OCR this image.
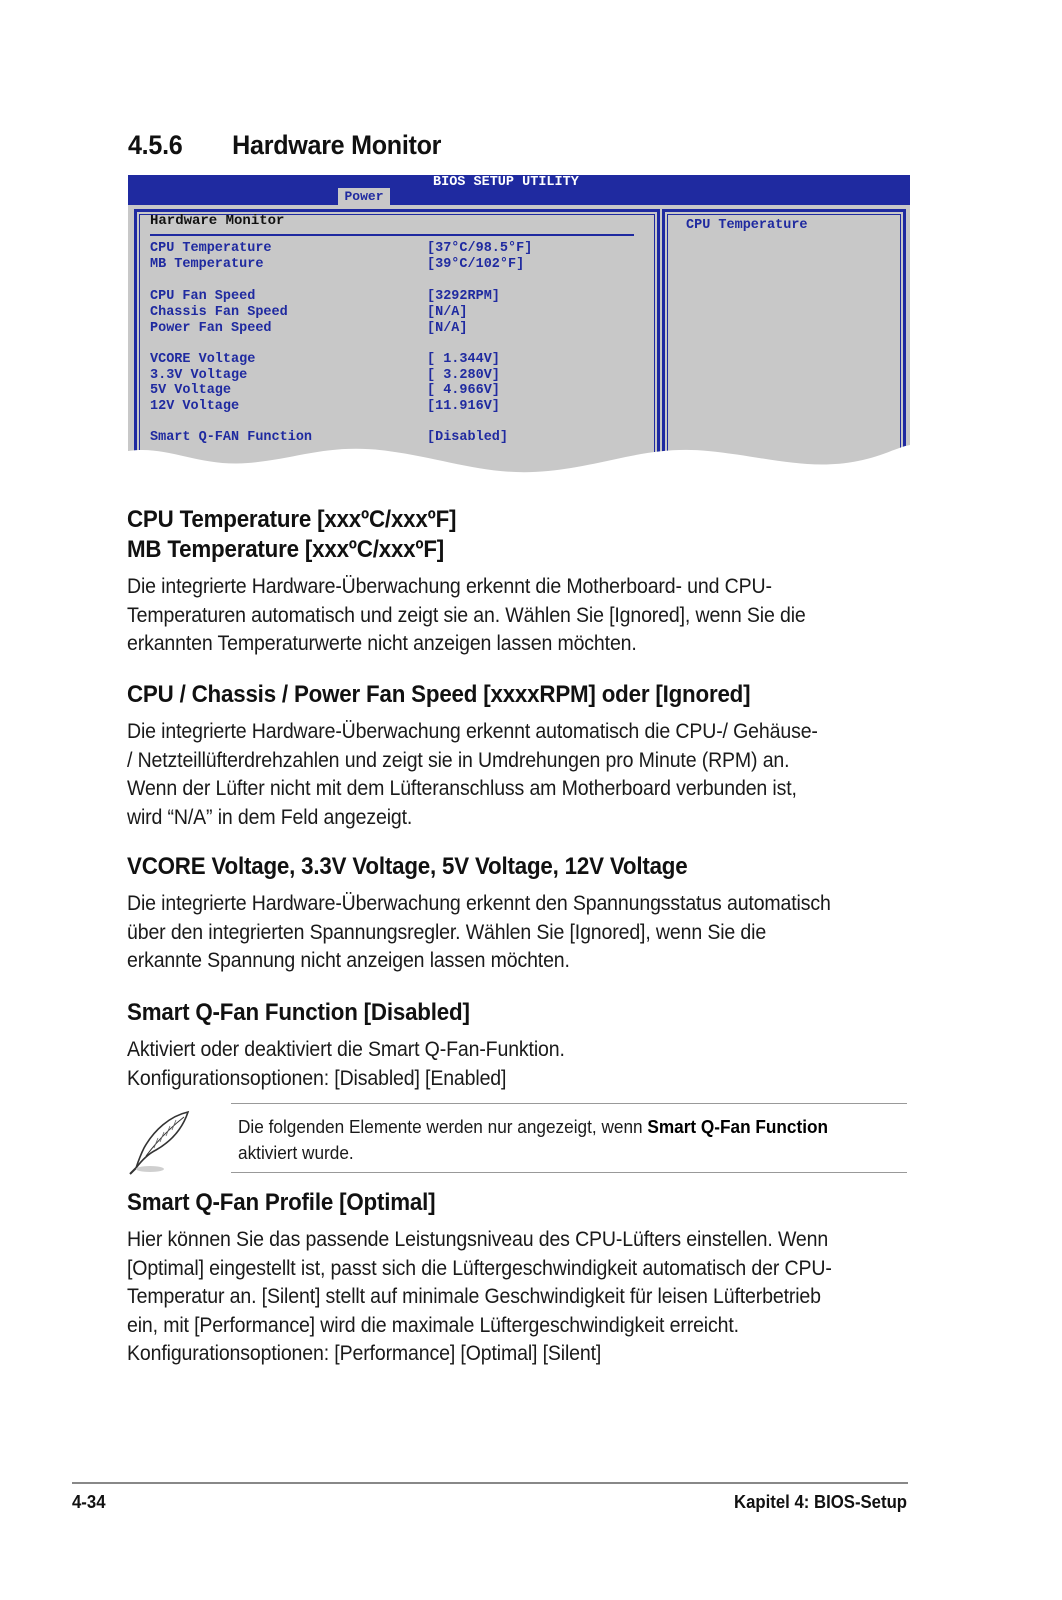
4.5.6 Hardware Monitor
BIOS SETUP UTILITY
Power
Hardware Monitor
CPU Temperature	[37°C/98.5°F]
MB Temperature	[39°C/102°F]
CPU Fan Speed	[3292RPM]
Chassis Fan Speed	[N/A]
Power Fan Speed	[N/A]
VCORE Voltage	[ 1.344V]
3.3V Voltage	[ 3.280V]
5V Voltage	[ 4.966V]
12V Voltage	[11.916V]
Smart Q-FAN Function	[Disabled]
CPU Temperature
CPU Temperature [xxxºC/xxxºF]
MB Temperature [xxxºC/xxxºF]

Die integrierte Hardware-Überwachung erkennt die Motherboard- und CPU-
Temperaturen automatisch und zeigt sie an. Wählen Sie [Ignored], wenn Sie die
erkannten Temperaturwerte nicht anzeigen lassen möchten.

CPU / Chassis / Power Fan Speed [xxxxRPM] oder [Ignored]

Die integrierte Hardware-Überwachung erkennt automatisch die CPU-/ Gehäuse-
/ Netzteillüfterdrehzahlen und zeigt sie in Umdrehungen pro Minute (RPM) an.
Wenn der Lüfter nicht mit dem Lüfteranschluss am Motherboard verbunden ist,
wird “N/A” in dem Feld angezeigt.

VCORE Voltage, 3.3V Voltage, 5V Voltage, 12V Voltage

Die integrierte Hardware-Überwachung erkennt den Spannungsstatus automatisch
über den integrierten Spannungsregler. Wählen Sie [Ignored], wenn Sie die
erkannte Spannung nicht anzeigen lassen möchten.

Smart Q-Fan Function [Disabled]

Aktiviert oder deaktiviert die Smart Q-Fan-Funktion.
Konfigurationsoptionen: [Disabled] [Enabled]

Die folgenden Elemente werden nur angezeigt, wenn Smart Q-Fan Function
aktiviert wurde.
Smart Q-Fan Profile [Optimal]

Hier können Sie das passende Leistungsniveau des CPU-Lüfters einstellen. Wenn
[Optimal] eingestellt ist, passt sich die Lüftergeschwindigkeit automatisch der CPU-
Temperatur an. [Silent] stellt auf minimale Geschwindigkeit für leisen Lüfterbetrieb
ein, mit [Performance] wird die maximale Lüftergeschwindigkeit erreicht.
Konfigurationsoptionen: [Performance] [Optimal] [Silent]

4-34	Kapitel 4: BIOS-Setup
